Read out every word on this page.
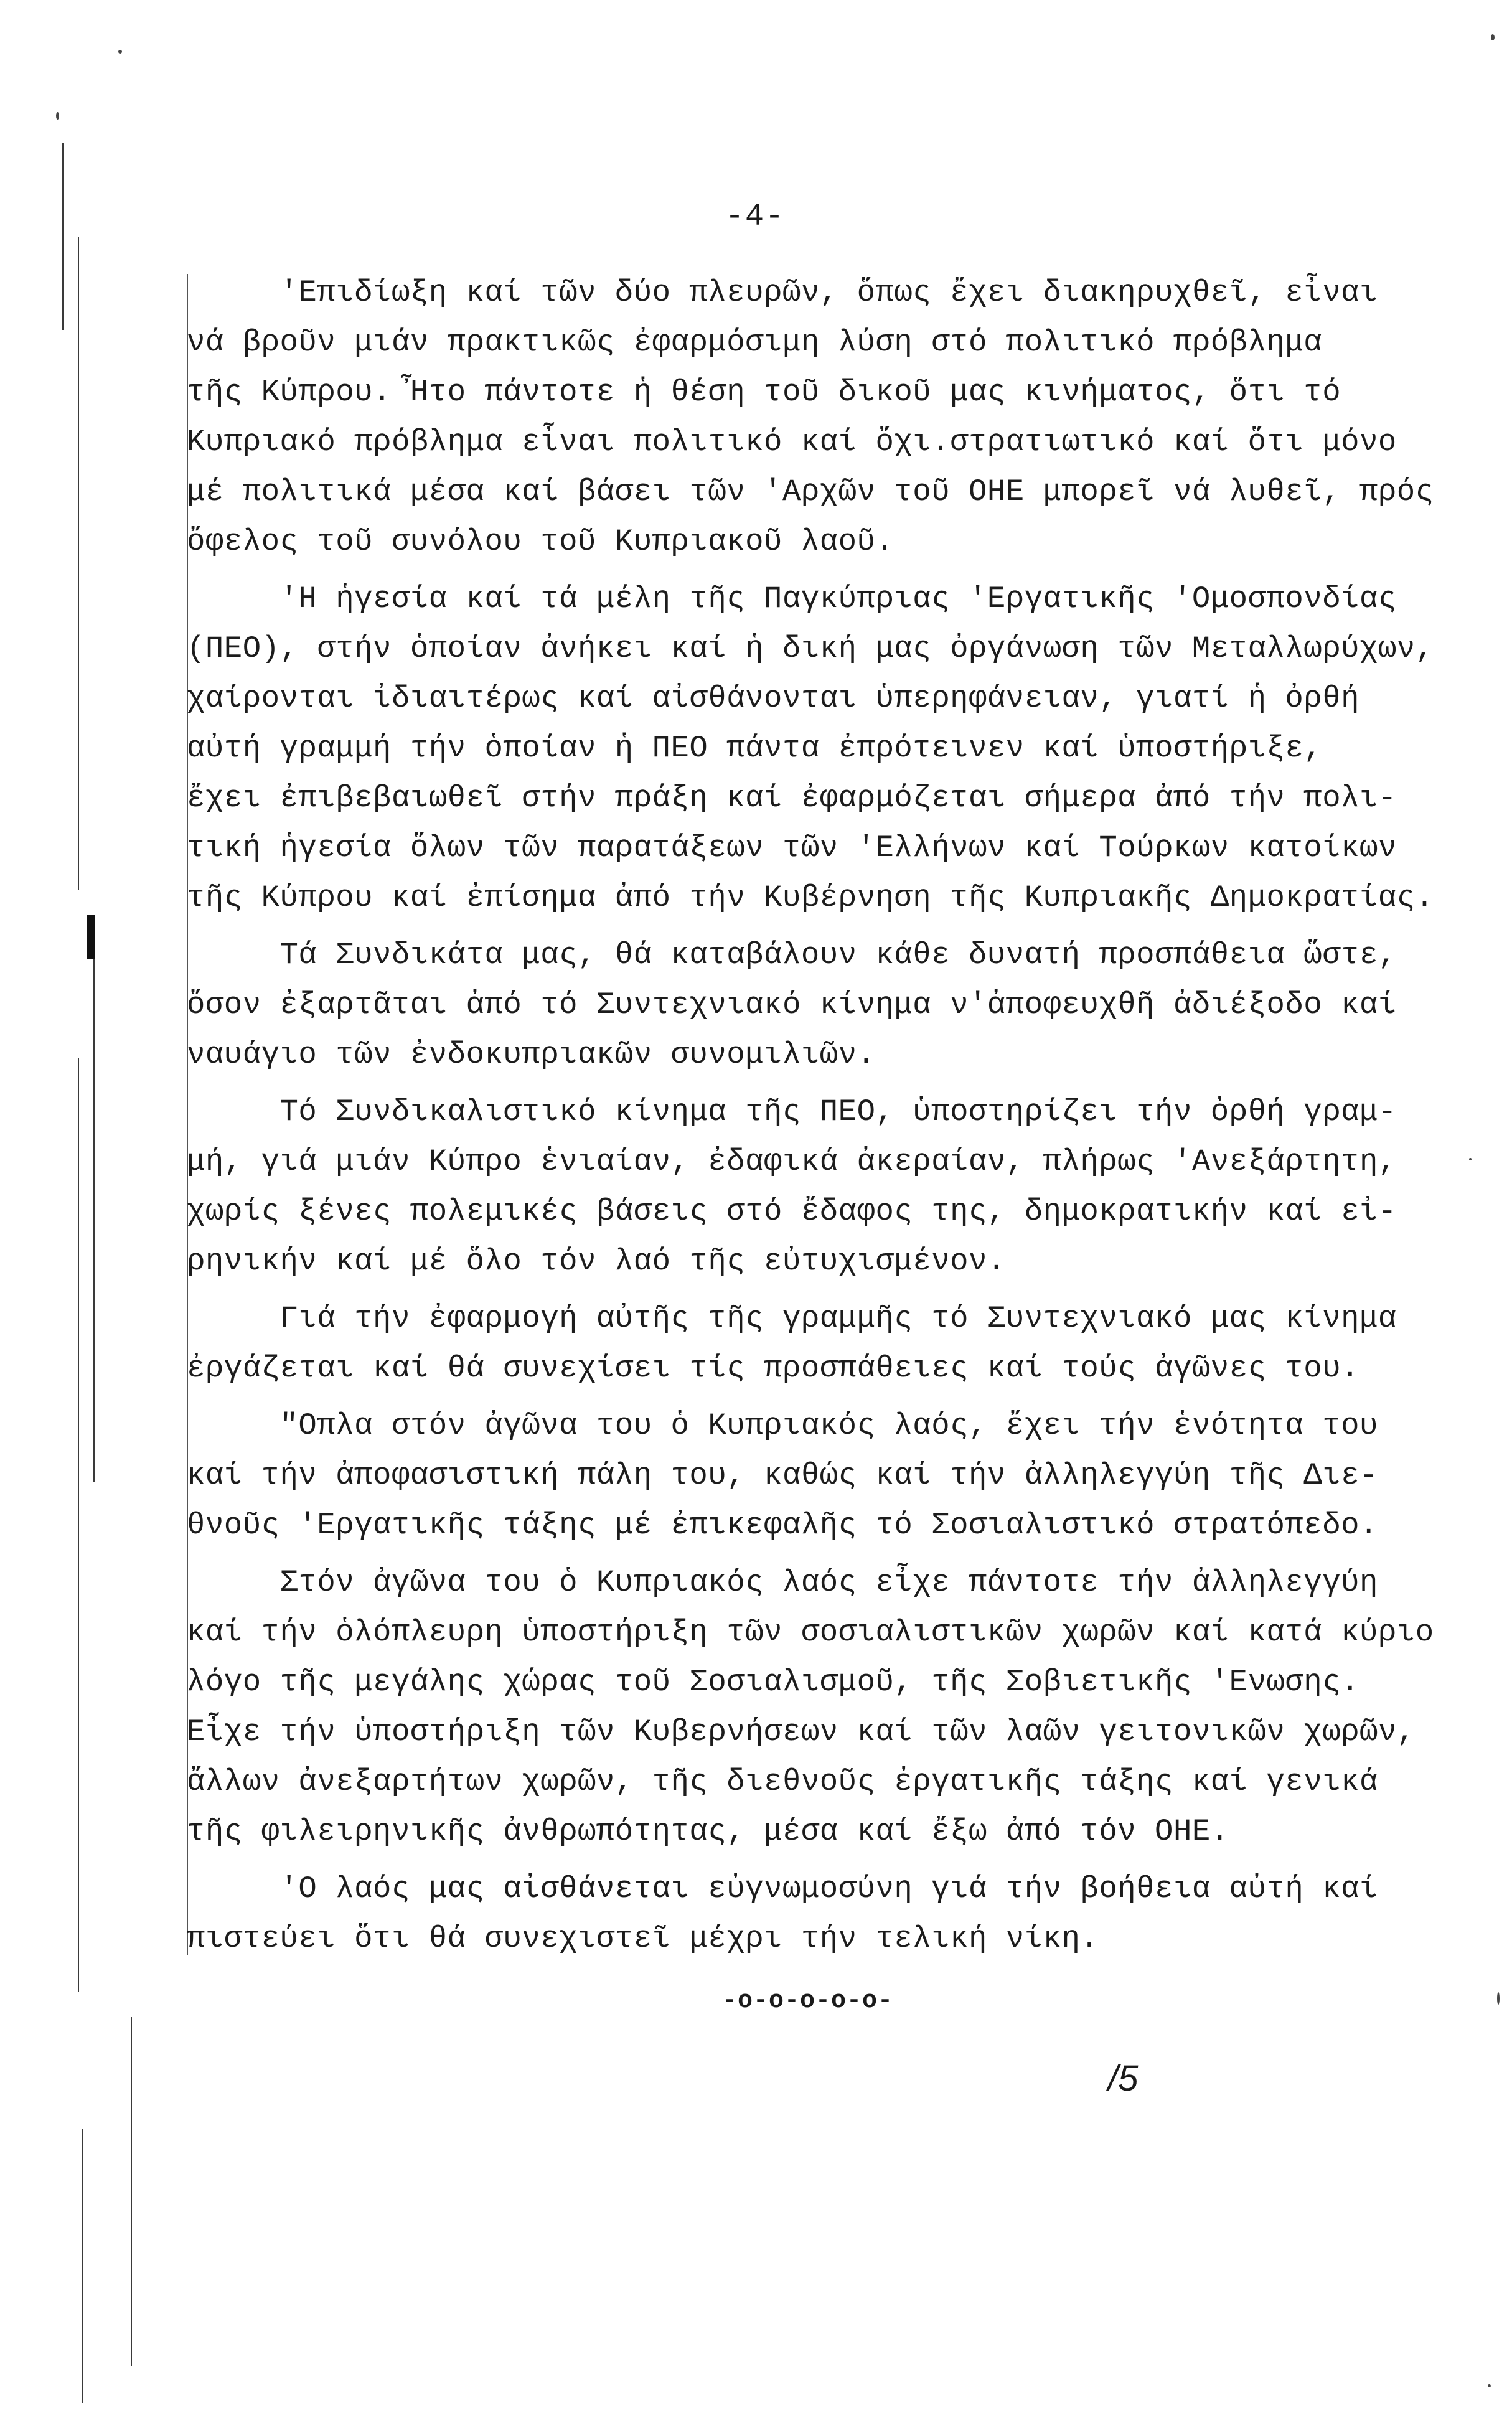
-4-
'Επιδίωξη καί τῶν δύο πλευρῶν, ὅπως ἔχει διακηρυχθεῖ, εἶναι
νά βροῦν μιάν πρακτικῶς ἐφαρμόσιμη λύση στό πολιτικό πρόβλημα
τῆς Κύπρου. Ἦτο πάντοτε ἡ θέση τοῦ δικοῦ μας κινήματος, ὅτι τό
Κυπριακό πρόβλημα εἶναι πολιτικό καί ὄχι.στρατιωτικό καί ὅτι μόνο
μέ πολιτικά μέσα καί βάσει τῶν 'Αρχῶν τοῦ ΟΗΕ μπορεῖ νά λυθεῖ, πρός
ὄφελος τοῦ συνόλου τοῦ Κυπριακοῦ λαοῦ.
'Η ἡγεσία καί τά μέλη τῆς Παγκύπριας 'Εργατικῆς 'Ομοσπονδίας
(ΠΕΟ), στήν ὁποίαν ἀνήκει καί ἡ δική μας ὀργάνωση τῶν Μεταλλωρύχων,
χαίρονται ἰδιαιτέρως καί αἰσθάνονται ὑπερηφάνειαν, γιατί ἡ ὀρθή
αὐτή γραμμή τήν ὁποίαν ἡ ΠΕΟ πάντα ἐπρότεινεν καί ὑποστήριξε,
ἔχει ἐπιβεβαιωθεῖ στήν πράξη καί ἐφαρμόζεται σήμερα ἀπό τήν πολι-
τική ἡγεσία ὅλων τῶν παρατάξεων τῶν 'Ελλήνων καί Τούρκων κατοίκων
τῆς Κύπρου καί ἐπίσημα ἀπό τήν Κυβέρνηση τῆς Κυπριακῆς Δημοκρατίας.
Τά Συνδικάτα μας, θά καταβάλουν κάθε δυνατή προσπάθεια ὥστε,
ὅσον ἐξαρτᾶται ἀπό τό Συντεχνιακό κίνημα ν'ἀποφευχθῆ ἀδιέξοδο καί
ναυάγιο τῶν ἐνδοκυπριακῶν συνομιλιῶν.
Τό Συνδικαλιστικό κίνημα τῆς ΠΕΟ, ὑποστηρίζει τήν ὀρθή γραμ-
μή, γιά μιάν Κύπρο ἑνιαίαν, ἐδαφικά ἀκεραίαν, πλήρως 'Ανεξάρτητη,
χωρίς ξένες πολεμικές βάσεις στό ἔδαφος της, δημοκρατικήν καί εἰ-
ρηνικήν καί μέ ὅλο τόν λαό τῆς εὐτυχισμένον.
Γιά τήν ἐφαρμογή αὐτῆς τῆς γραμμῆς τό Συντεχνιακό μας κίνημα
ἐργάζεται καί θά συνεχίσει τίς προσπάθειες καί τούς ἀγῶνες του.
"Οπλα στόν ἀγῶνα του ὁ Κυπριακός λαός, ἔχει τήν ἑνότητα του
καί τήν ἀποφασιστική πάλη του, καθώς καί τήν ἀλληλεγγύη τῆς Διε-
θνοῦς 'Εργατικῆς τάξης μέ ἐπικεφαλῆς τό Σοσιαλιστικό στρατόπεδο.
Στόν ἀγῶνα του ὁ Κυπριακός λαός εἶχε πάντοτε τήν ἀλληλεγγύη
καί τήν ὁλόπλευρη ὑποστήριξη τῶν σοσιαλιστικῶν χωρῶν καί κατά κύριο
λόγο τῆς μεγάλης χώρας τοῦ Σοσιαλισμοῦ, τῆς Σοβιετικῆς 'Ενωσης.
Εἶχε τήν ὑποστήριξη τῶν Κυβερνήσεων καί τῶν λαῶν γειτονικῶν χωρῶν,
ἄλλων ἀνεξαρτήτων χωρῶν, τῆς διεθνοῦς ἐργατικῆς τάξης καί γενικά
τῆς φιλειρηνικῆς ἀνθρωπότητας, μέσα καί ἔξω ἀπό τόν ΟΗΕ.
'Ο λαός μας αἰσθάνεται εὐγνωμοσύνη γιά τήν βοήθεια αὐτή καί
πιστεύει ὅτι θά συνεχιστεῖ μέχρι τήν τελική νίκη.
-o-o-o-o-o-
/5
